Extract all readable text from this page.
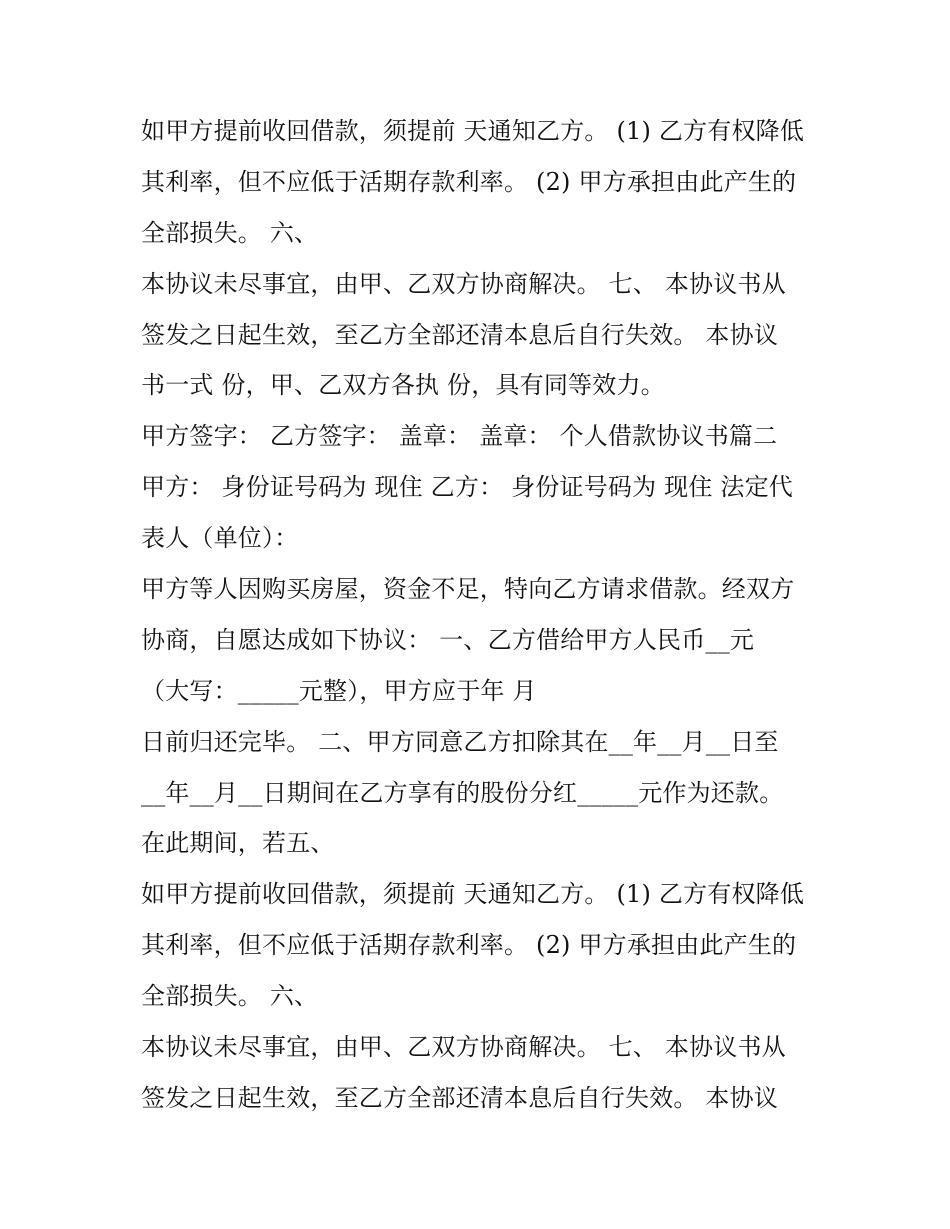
如甲方提前收回借款，须提前 天通知乙方。 (1) 乙方有权降低
其利率，但不应低于活期存款利率。 (2) 甲方承担由此产生的
全部损失。 六、
本协议未尽事宜，由甲、乙双方协商解决。 七、 本协议书从
签发之日起生效，至乙方全部还清本息后自行失效。 本协议
书一式 份，甲、乙双方各执 份，具有同等效力。
甲方签字： 乙方签字： 盖章： 盖章： 个人借款协议书篇二
甲方： 身份证号码为 现住 乙方： 身份证号码为 现住 法定代
表人（单位）：
甲方等人因购买房屋，资金不足，特向乙方请求借款。经双方
协商，自愿达成如下协议： 一、乙方借给甲方人民币__元
（大写：_____元整），甲方应于年 月
日前归还完毕。 二、甲方同意乙方扣除其在__年__月__日至
__年__月__日期间在乙方享有的股份分红_____元作为还款。
在此期间，若五、
如甲方提前收回借款，须提前 天通知乙方。 (1) 乙方有权降低
其利率，但不应低于活期存款利率。 (2) 甲方承担由此产生的
全部损失。 六、
本协议未尽事宜，由甲、乙双方协商解决。 七、 本协议书从
签发之日起生效，至乙方全部还清本息后自行失效。 本协议
